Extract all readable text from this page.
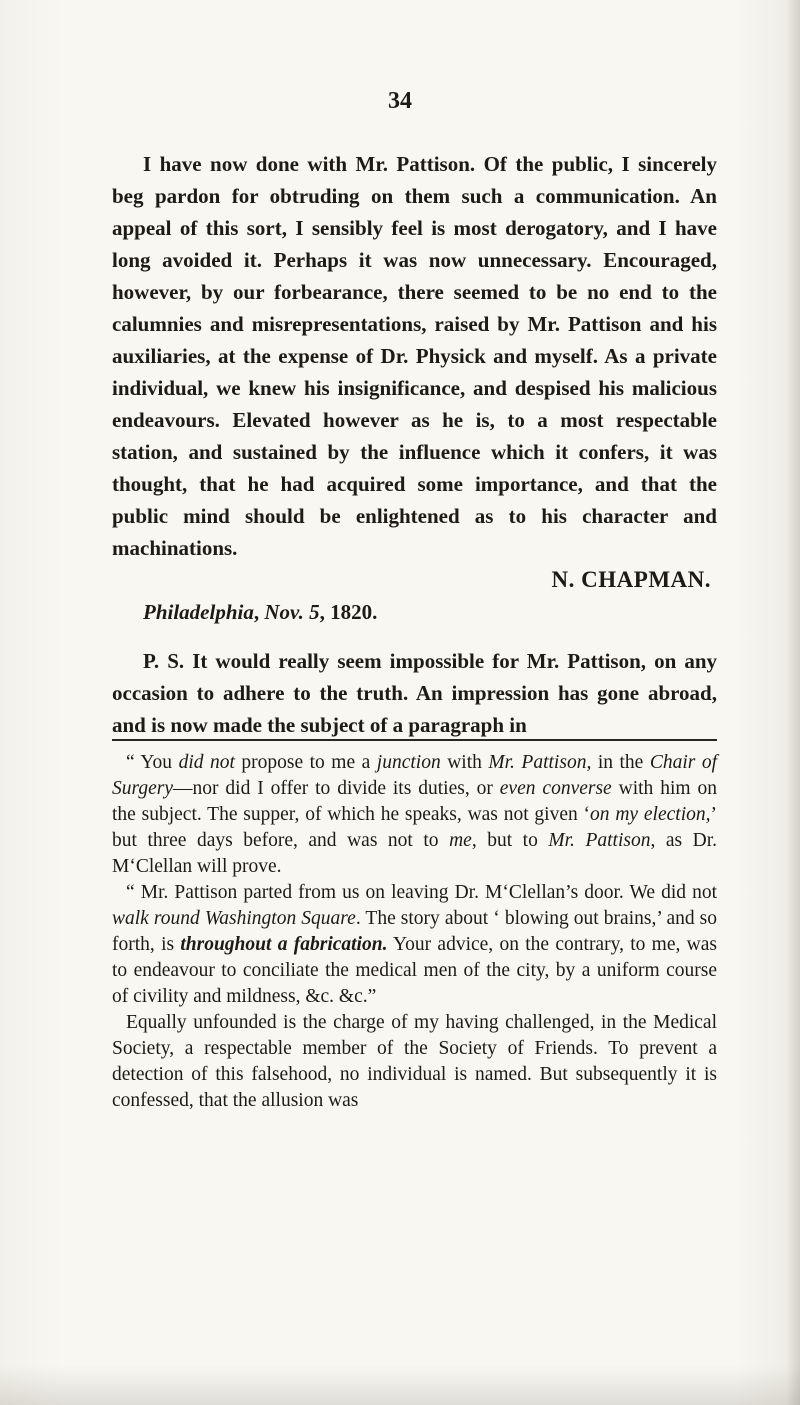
34

I have now done with Mr. Pattison. Of the public, I sincerely beg pardon for obtruding on them such a communication. An appeal of this sort, I sensibly feel is most derogatory, and I have long avoided it. Perhaps it was now unnecessary. Encouraged, however, by our forbearance, there seemed to be no end to the calumnies and misrepresentations, raised by Mr. Pattison and his auxiliaries, at the expense of Dr. Physick and myself. As a private individual, we knew his insignificance, and despised his malicious endeavours. Elevated however as he is, to a most respectable station, and sustained by the influence which it confers, it was thought, that he had acquired some importance, and that the public mind should be enlightened as to his character and machinations.

N. CHAPMAN.
Philadelphia, Nov. 5, 1820.

P. S. It would really seem impossible for Mr. Pattison, on any occasion to adhere to the truth. An impression has gone abroad, and is now made the subject of a paragraph in

“ You did not propose to me a junction with Mr. Pattison, in the Chair of Surgery—nor did I offer to divide its duties, or even converse with him on the subject. The supper, of which he speaks, was not given ‘on my election,’ but three days before, and was not to me, but to Mr. Pattison, as Dr. M‘Clellan will prove.

“ Mr. Pattison parted from us on leaving Dr. M‘Clellan’s door. We did not walk round Washington Square. The story about ‘ blowing out brains,’ and so forth, is throughout a fabrication. Your advice, on the contrary, to me, was to endeavour to conciliate the medical men of the city, by a uniform course of civility and mildness, &c. &c.”

Equally unfounded is the charge of my having challenged, in the Medical Society, a respectable member of the Society of Friends. To prevent a detection of this falsehood, no individual is named. But subsequently it is confessed, that the allusion was
